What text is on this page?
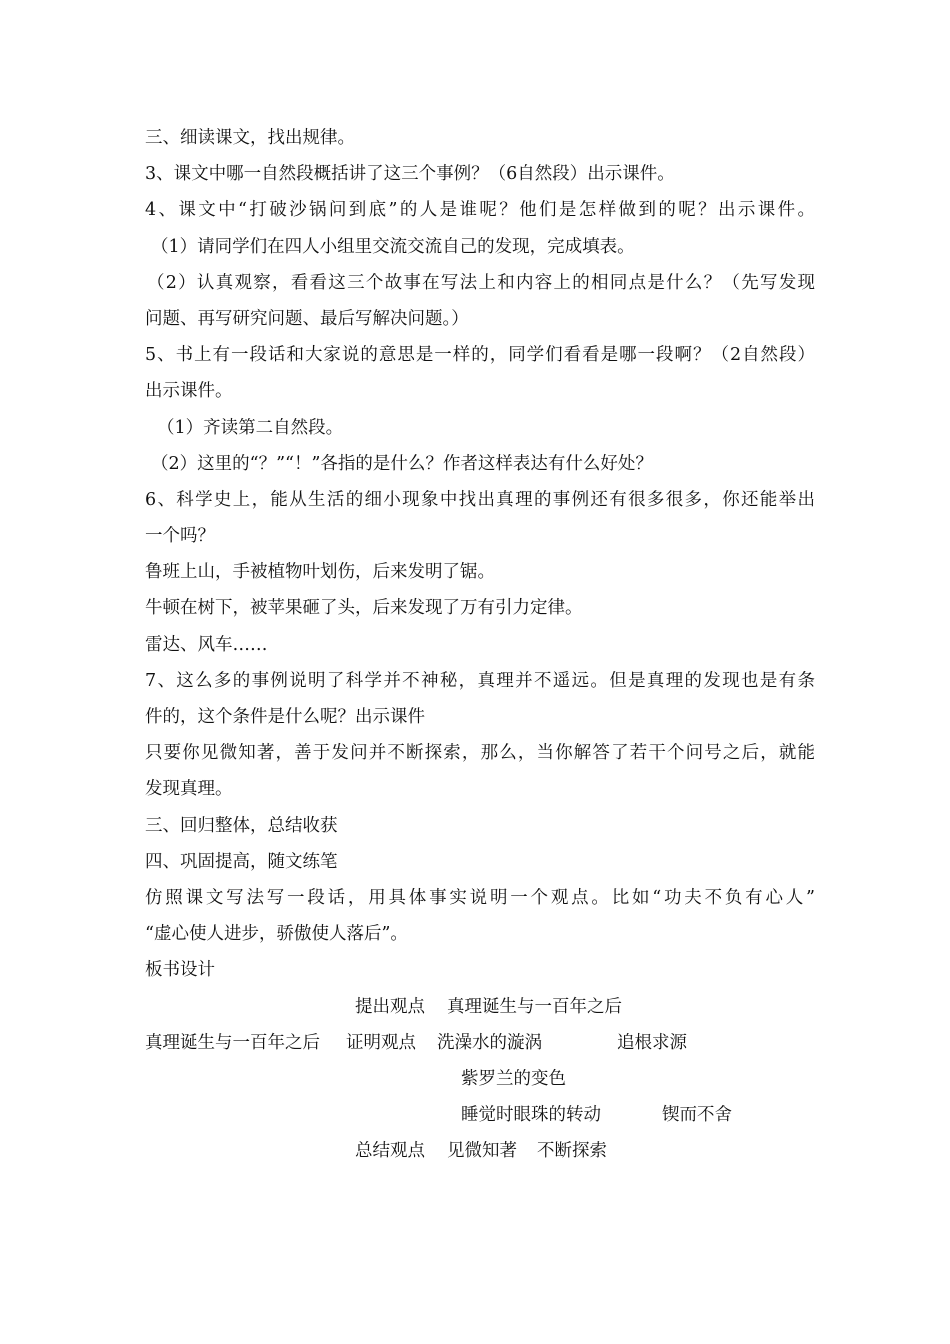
三、细读课文，找出规律。
3、课文中哪一自然段概括讲了这三个事例？（6自然段）出示课件。
4、课文中“打破沙锅问到底”的人是谁呢？他们是怎样做到的呢？出示课件。
（1）请同学们在四人小组里交流交流自己的发现，完成填表。
（2）认真观察，看看这三个故事在写法上和内容上的相同点是什么？（先写发现
问题、再写研究问题、最后写解决问题。）
5、书上有一段话和大家说的意思是一样的，同学们看看是哪一段啊？（2自然段）
出示课件。
（1）齐读第二自然段。
（2）这里的“？”“！”各指的是什么？作者这样表达有什么好处？
6、科学史上，能从生活的细小现象中找出真理的事例还有很多很多，你还能举出
一个吗？
鲁班上山，手被植物叶划伤，后来发明了锯。
牛顿在树下，被苹果砸了头，后来发现了万有引力定律。
雷达、风车……
7、这么多的事例说明了科学并不神秘，真理并不遥远。但是真理的发现也是有条
件的，这个条件是什么呢？出示课件
只要你见微知著，善于发问并不断探索，那么，当你解答了若干个问号之后，就能
发现真理。
三、回归整体，总结收获
四、巩固提高，随文练笔
仿照课文写法写一段话，用具体事实说明一个观点。比如“功夫不负有心人”
“虚心使人进步，骄傲使人落后”。
板书设计
提出观点 真理诞生与一百年之后
真理诞生与一百年之后 证明观点 洗澡水的漩涡	追根求源
紫罗兰的变色
睡觉时眼珠的转动	锲而不舍
总结观点 见微知著 不断探索
